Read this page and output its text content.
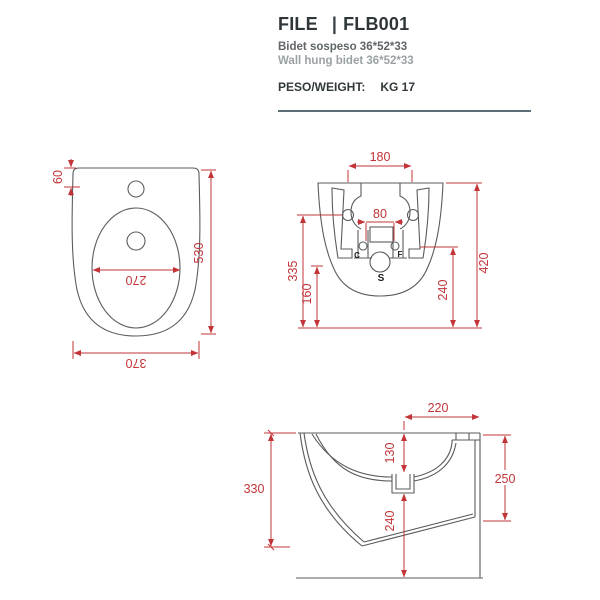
FILE | FLB001
Bidet sospeso 36*52*33
Wall hung bidet 36*52*33
PESO/WEIGHT: KG 17
60
530
270
370
180
80
335
160	240
420
C	F
S
220
130
240
250
330
